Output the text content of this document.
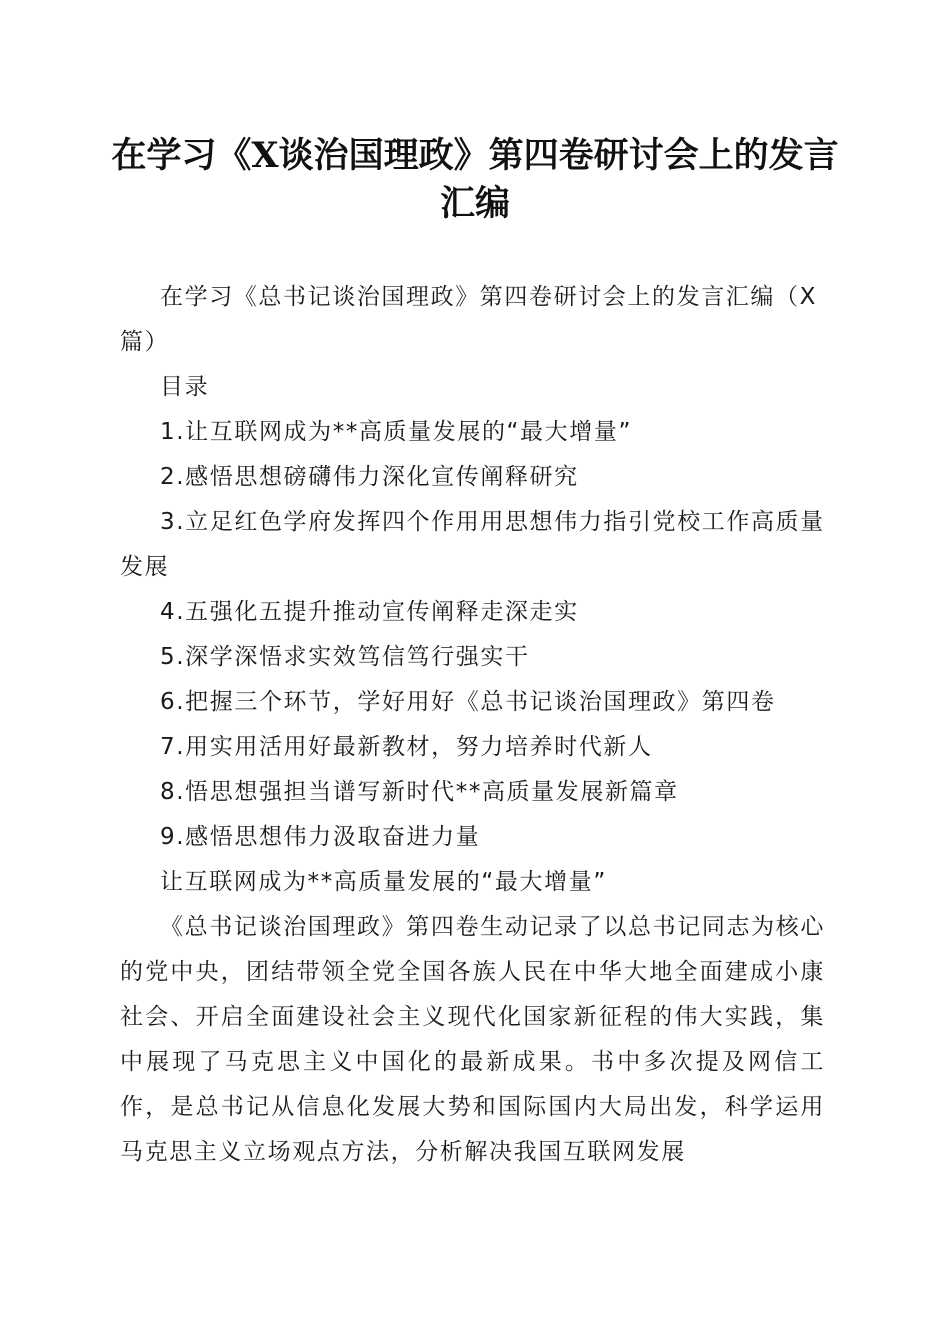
在学习《X谈治国理政》第四卷研讨会上的发言汇编

在学习《总书记谈治国理政》第四卷研讨会上的发言汇编（X篇）

目录

1.让互联网成为**高质量发展的“最大增量”

2.感悟思想磅礴伟力深化宣传阐释研究

3.立足红色学府发挥四个作用用思想伟力指引党校工作高质量发展

4.五强化五提升推动宣传阐释走深走实

5.深学深悟求实效笃信笃行强实干

6.把握三个环节，学好用好《总书记谈治国理政》第四卷

7.用实用活用好最新教材，努力培养时代新人

8.悟思想强担当谱写新时代**高质量发展新篇章

9.感悟思想伟力汲取奋进力量

让互联网成为**高质量发展的“最大增量”

《总书记谈治国理政》第四卷生动记录了以总书记同志为核心的党中央，团结带领全党全国各族人民在中华大地全面建成小康社会、开启全面建设社会主义现代化国家新征程的伟大实践，集中展现了马克思主义中国化的最新成果。书中多次提及网信工作，是总书记从信息化发展大势和国际国内大局出发，科学运用马克思主义立场观点方法，分析解决我国互联网发展
